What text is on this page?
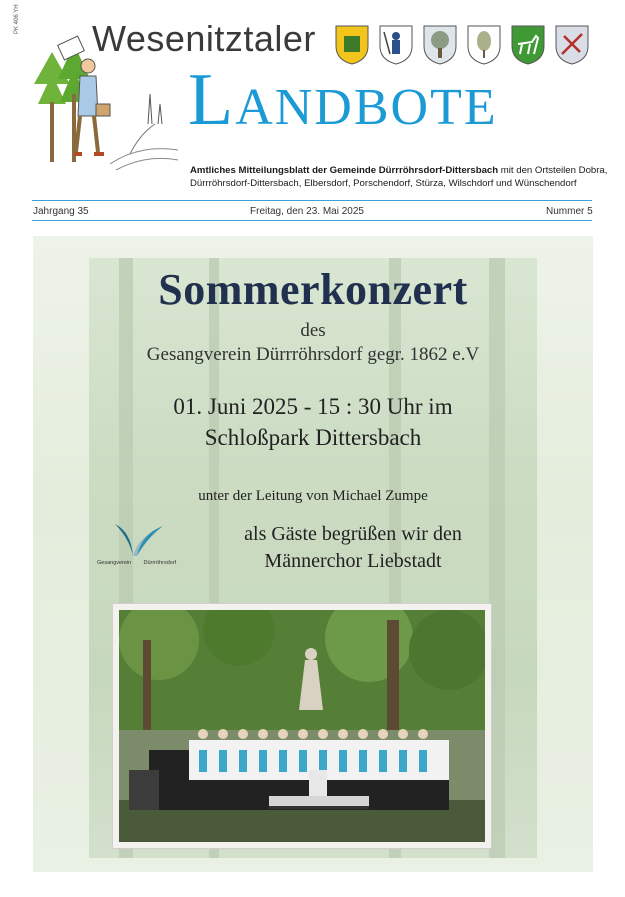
PK 406 YH Wesenitztaler
LANDBOTE
Amtliches Mitteilungsblatt der Gemeinde Dürrröhrsdorf-Dittersbach mit den Ortsteilen Dobra, Dürrröhrsdorf-Dittersbach, Elbersdorf, Porschendorf, Stürza, Wilschdorf und Wünschendorf
Jahrgang 35	Freitag, den 23. Mai 2025	Nummer 5
Sommerkonzert
des
Gesangverein Dürrröhrsdorf gegr. 1862 e.V
01. Juni 2025 - 15 : 30 Uhr im
Schloßpark Dittersbach
unter der Leitung von Michael Zumpe
Gesangverein Dürrröhrsdorf
als Gäste begrüßen wir den
Männerchor Liebstadt
